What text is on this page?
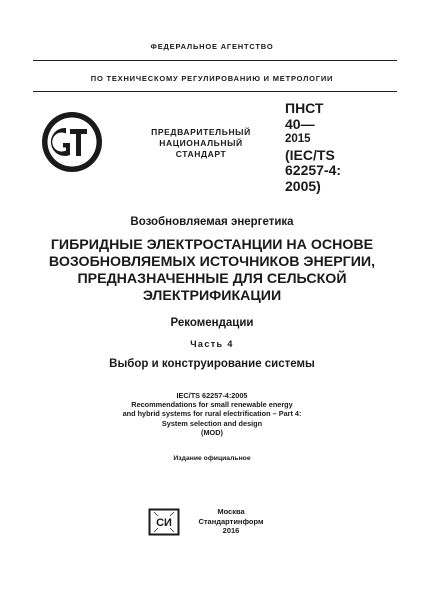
ФЕДЕРАЛЬНОЕ АГЕНТСТВО
ПО ТЕХНИЧЕСКОМУ РЕГУЛИРОВАНИЮ И МЕТРОЛОГИИ
ПРЕДВАРИТЕЛЬНЫЙ
НАЦИОНАЛЬНЫЙ
СТАНДАРТ
ПНСТ
40—
2015
(IEC/TS
62257-4:
2005)
Возобновляемая энергетика
ГИБРИДНЫЕ ЭЛЕКТРОСТАНЦИИ НА ОСНОВЕ
ВОЗОБНОВЛЯЕМЫХ ИСТОЧНИКОВ ЭНЕРГИИ,
ПРЕДНАЗНАЧЕННЫЕ ДЛЯ СЕЛЬСКОЙ
ЭЛЕКТРИФИКАЦИИ
Рекомендации
Часть 4
Выбор и конструирование системы
IEC/TS 62257-4:2005
Recommendations for small renewable energy
and hybrid systems for rural electrification – Part 4:
System selection and design
(MOD)
Издание официальное
СИ
Москва
Стандартинформ
2016
